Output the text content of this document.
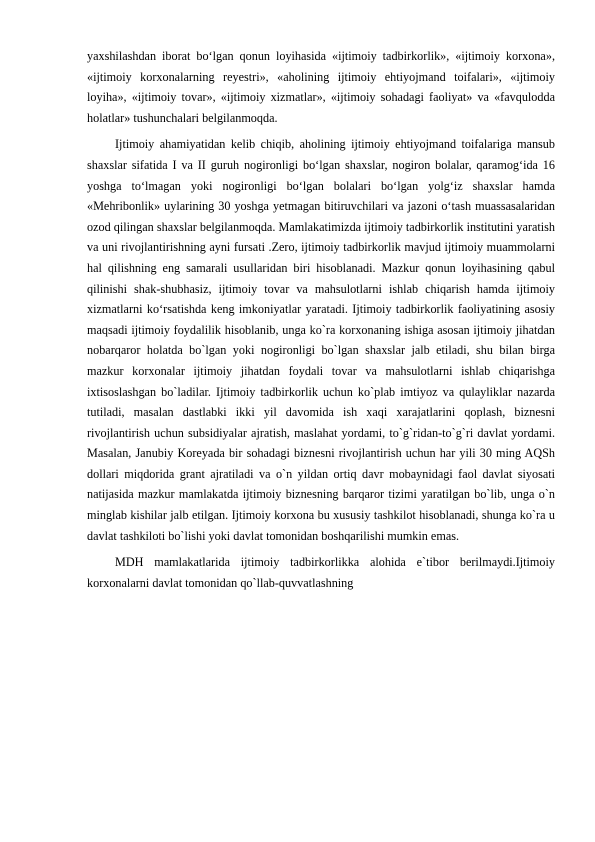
yaxshilashdan iborat bo‘lgan qonun loyihasida «ijtimoiy tadbirkorlik», «ijtimoiy korxona», «ijtimoiy korxonalarning reyestri», «aholining ijtimoiy ehtiyojmand toifalari», «ijtimoiy loyiha», «ijtimoiy tovar», «ijtimoiy xizmatlar», «ijtimoiy sohadagi faoliyat» va «favqulodda holatlar» tushunchalari belgilanmoqda.

Ijtimoiy ahamiyatidan kelib chiqib, aholining ijtimoiy ehtiyojmand toifalariga mansub shaxslar sifatida I va II guruh nogironligi bo‘lgan shaxslar, nogiron bolalar, qaramog‘ida 16 yoshga to‘lmagan yoki nogironligi bo‘lgan bolalari bo‘lgan yolg‘iz shaxslar hamda «Mehribonlik» uylarining 30 yoshga yetmagan bitiruvchilari va jazoni o‘tash muassasalaridan ozod qilingan shaxslar belgilanmoqda. Mamlakatimizda ijtimoiy tadbirkorlik institutini yaratish va uni rivojlantirishning ayni fursati .Zero, ijtimoiy tadbirkorlik mavjud ijtimoiy muammolarni hal qilishning eng samarali usullaridan biri hisoblanadi. Mazkur qonun loyihasining qabul qilinishi shak-shubhasiz, ijtimoiy tovar va mahsulotlarni ishlab chiqarish hamda ijtimoiy xizmatlarni ko‘rsatishda keng imkoniyatlar yaratadi. Ijtimoiy tadbirkorlik faoliyatining asosiy maqsadi ijtimoiy foydalilik hisoblanib, unga ko`ra korxonaning ishiga asosan ijtimoiy jihatdan nobarqaror holatda bo`lgan yoki nogironligi bo`lgan shaxslar jalb etiladi, shu bilan birga mazkur korxonalar ijtimoiy jihatdan foydali tovar va mahsulotlarni ishlab chiqarishga ixtisoslashgan bo`ladilar. Ijtimoiy tadbirkorlik uchun ko`plab imtiyoz va qulayliklar nazarda tutiladi, masalan dastlabki ikki yil davomida ish xaqi xarajatlarini qoplash, biznesni rivojlantirish uchun subsidiyalar ajratish, maslahat yordami, to`g`ridan-to`g`ri davlat yordami. Masalan, Janubiy Koreyada bir sohadagi biznesni rivojlantirish uchun har yili 30 ming AQSh dollari miqdorida grant ajratiladi va o`n yildan ortiq davr mobaynidagi faol davlat siyosati natijasida mazkur mamlakatda ijtimoiy biznesning barqaror tizimi yaratilgan bo`lib, unga o`n minglab kishilar jalb etilgan. Ijtimoiy korxona bu xususiy tashkilot hisoblanadi, shunga ko`ra u davlat tashkiloti bo`lishi yoki davlat tomonidan boshqarilishi mumkin emas.

MDH mamlakatlarida ijtimoiy tadbirkorlikka alohida e`tibor berilmaydi.Ijtimoiy korxonalarni davlat tomonidan qo`llab-quvvatlashning
